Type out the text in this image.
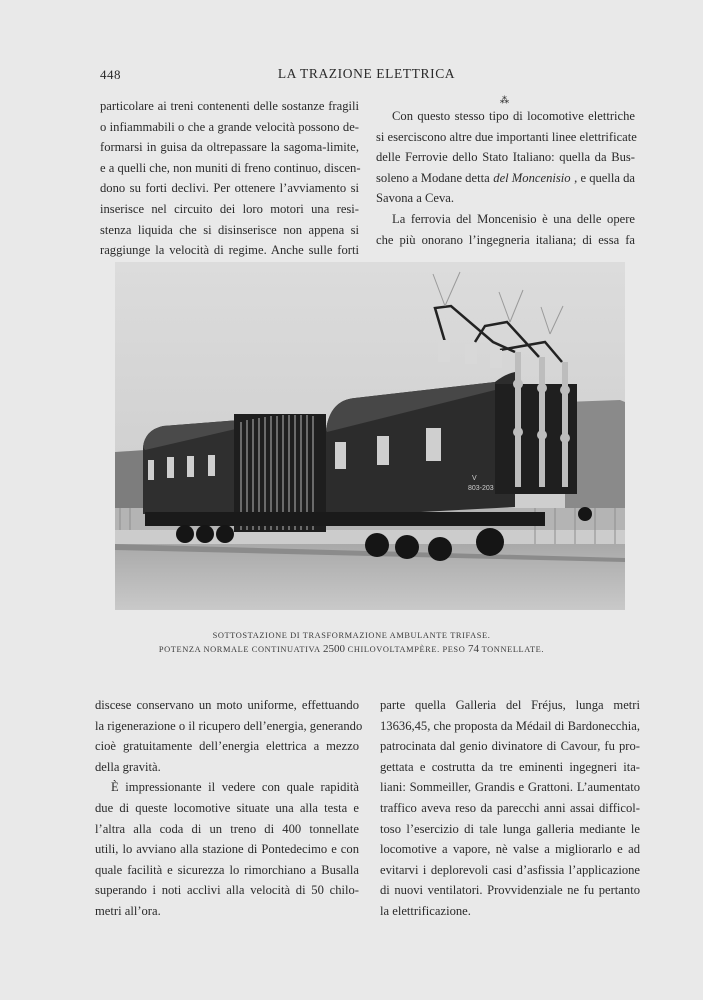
448	LA TRAZIONE ELETTRICA
particolare ai treni contenenti delle sostanze fragili
o infiammabili o che a grande velocità possono de-
formarsi in guisa da oltrepassare la sagoma-limite,
e a quelli che, non muniti di freno continuo, discen-
dono su forti declivi. Per ottenere l’avviamento si
inserisce nel circuito dei loro motori una resi-
stenza liquida che si disinserisce non appena si
raggiunge la velocità di regime. Anche sulle forti
⁂
Con questo stesso tipo di locomotive elettriche
si eserciscono altre due importanti linee elettrificate
delle Ferrovie dello Stato Italiano: quella da Bus-
soleno a Modane detta del Moncenisio , e quella da
Savona a Ceva.
La ferrovia del Moncenisio è una delle opere
che più onorano l’ingegneria italiana; di essa fa
803-203
V
SOTTOSTAZIONE DI TRASFORMAZIONE AMBULANTE TRIFASE.
POTENZA NORMALE CONTINUATIVA 2500 CHILOVOLTAMPÈRE. PESO 74 TONNELLATE.
discese conservano un moto uniforme, effettuando
la rigenerazione o il ricupero dell’energia, generando
cioè gratuitamente dell’energia elettrica a mezzo
della gravità.
È impressionante il vedere con quale rapidità
due di queste locomotive situate una alla testa e
l’altra alla coda di un treno di 400 tonnellate
utili, lo avviano alla stazione di Pontedecimo e con
quale facilità e sicurezza lo rimorchiano a Busalla
superando i noti acclivi alla velocità di 50 chilo-
metri all’ora.
parte quella Galleria del Fréjus, lunga metri
13636,45, che proposta da Médail di Bardonecchia,
patrocinata dal genio divinatore di Cavour, fu pro-
gettata e costrutta da tre eminenti ingegneri ita-
liani: Sommeiller, Grandis e Grattoni. L’aumentato
traffico aveva reso da parecchi anni assai difficol-
toso l’esercizio di tale lunga galleria mediante le
locomotive a vapore, nè valse a migliorarlo e ad
evitarvi i deplorevoli casi d’asfissia l’applicazione
di nuovi ventilatori. Provvidenziale ne fu pertanto
la elettrificazione.
